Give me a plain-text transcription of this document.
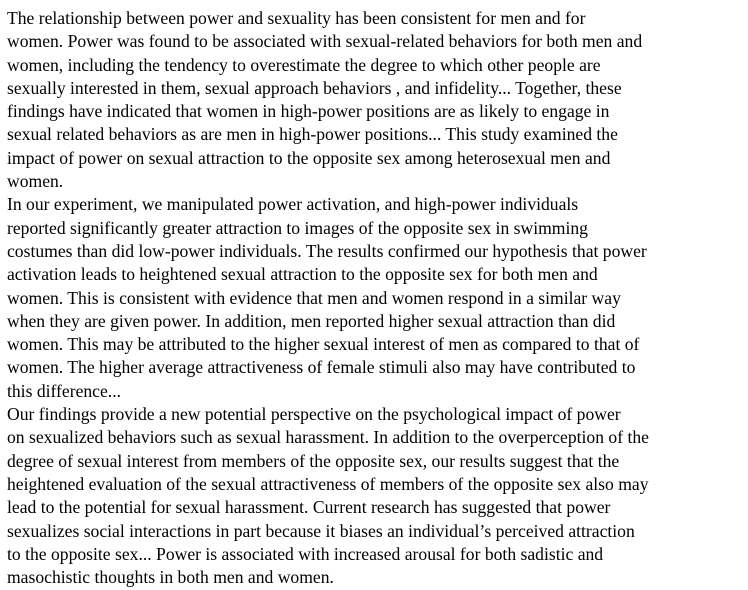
The relationship between power and sexuality has been consistent for men and for
women. Power was found to be associated with sexual-related behaviors for both men and
women, including the tendency to overestimate the degree to which other people are
sexually interested in them, sexual approach behaviors , and infidelity... Together, these
findings have indicated that women in high-power positions are as likely to engage in
sexual related behaviors as are men in high-power positions... This study examined the
impact of power on sexual attraction to the opposite sex among heterosexual men and
women.

In our experiment, we manipulated power activation, and high-power individuals
reported significantly greater attraction to images of the opposite sex in swimming
costumes than did low-power individuals. The results confirmed our hypothesis that power
activation leads to heightened sexual attraction to the opposite sex for both men and
women. This is consistent with evidence that men and women respond in a similar way
when they are given power. In addition, men reported higher sexual attraction than did
women. This may be attributed to the higher sexual interest of men as compared to that of
women. The higher average attractiveness of female stimuli also may have contributed to
this difference...

Our findings provide a new potential perspective on the psychological impact of power
on sexualized behaviors such as sexual harassment. In addition to the overperception of the
degree of sexual interest from members of the opposite sex, our results suggest that the
heightened evaluation of the sexual attractiveness of members of the opposite sex also may
lead to the potential for sexual harassment. Current research has suggested that power
sexualizes social interactions in part because it biases an individual’s perceived attraction
to the opposite sex... Power is associated with increased arousal for both sadistic and
masochistic thoughts in both men and women.
